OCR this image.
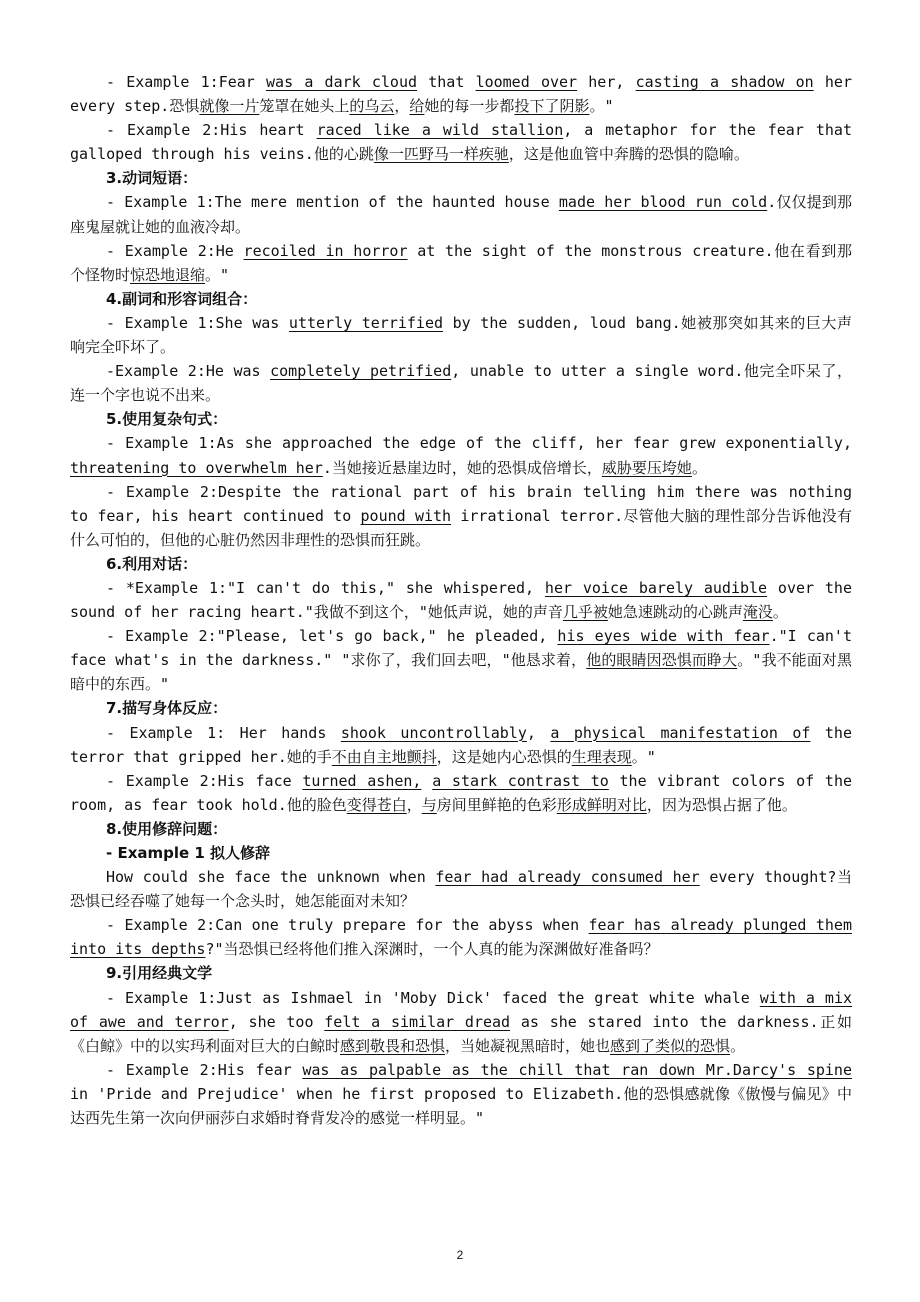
- Example 1:Fear was a dark cloud that loomed over her, casting a shadow on her every step.恐惧就像一片笼罩在她头上的乌云，给她的每一步都投下了阴影。"

- Example 2:His heart raced like a wild stallion, a metaphor for the fear that galloped through his veins.他的心跳像一匹野马一样疾驰，这是他血管中奔腾的恐惧的隐喻。

3.动词短语：

- Example 1:The mere mention of the haunted house made her blood run cold.仅仅提到那座鬼屋就让她的血液冷却。

- Example 2:He recoiled in horror at the sight of the monstrous creature.他在看到那个怪物时惊恐地退缩。"

4.副词和形容词组合：

- Example 1:She was utterly terrified by the sudden, loud bang.她被那突如其来的巨大声响完全吓坏了。

-Example 2:He was completely petrified, unable to utter a single word.他完全吓呆了，连一个字也说不出来。

5.使用复杂句式：

- Example 1:As she approached the edge of the cliff, her fear grew exponentially, threatening to overwhelm her.当她接近悬崖边时，她的恐惧成倍增长，威胁要压垮她。

- Example 2:Despite the rational part of his brain telling him there was nothing to fear, his heart continued to pound with irrational terror.尽管他大脑的理性部分告诉他没有什么可怕的，但他的心脏仍然因非理性的恐惧而狂跳。

6.利用对话：

- *Example 1:"I can't do this," she whispered, her voice barely audible over the sound of her racing heart."我做不到这个，"她低声说，她的声音几乎被她急速跳动的心跳声淹没。

- Example 2:"Please, let's go back," he pleaded, his eyes wide with fear."I can't face what's in the darkness." "求你了，我们回去吧，"他恳求着，他的眼睛因恐惧而睁大。"我不能面对黑暗中的东西。"

7.描写身体反应：

- Example 1: Her hands shook uncontrollably, a physical manifestation of the terror that gripped her.她的手不由自主地颤抖，这是她内心恐惧的生理表现。"

- Example 2:His face turned ashen, a stark contrast to the vibrant colors of the room, as fear took hold.他的脸色变得苍白，与房间里鲜艳的色彩形成鲜明对比，因为恐惧占据了他。

8.使用修辞问题：

- Example 1 拟人修辞

How could she face the unknown when fear had already consumed her every thought?当恐惧已经吞噬了她每一个念头时，她怎能面对未知？

- Example 2:Can one truly prepare for the abyss when fear has already plunged them into its depths?"当恐惧已经将他们推入深渊时，一个人真的能为深渊做好准备吗？

9.引用经典文学

- Example 1:Just as Ishmael in 'Moby Dick' faced the great white whale with a mix of awe and terror, she too felt a similar dread as she stared into the darkness.正如《白鲸》中的以实玛利面对巨大的白鲸时感到敬畏和恐惧，当她凝视黑暗时，她也感到了类似的恐惧。

- Example 2:His fear was as palpable as the chill that ran down Mr.Darcy's spine in 'Pride and Prejudice' when he first proposed to Elizabeth.他的恐惧感就像《傲慢与偏见》中达西先生第一次向伊丽莎白求婚时脊背发冷的感觉一样明显。"

2
